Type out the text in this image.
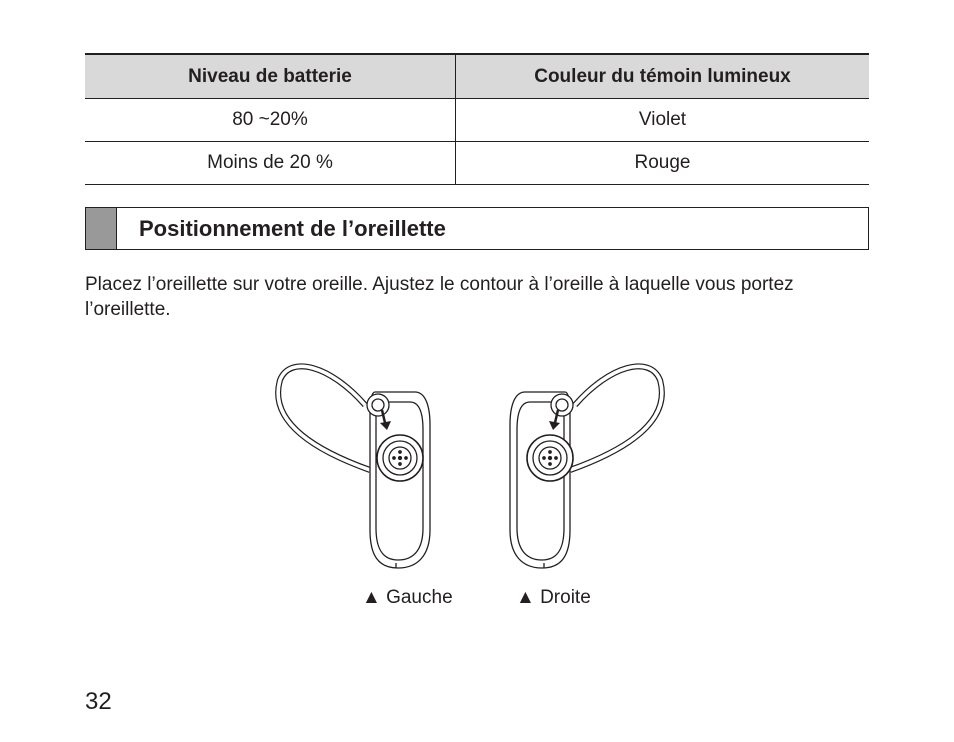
Niveau de batterie	Couleur du témoin lumineux
80 ~20%	Violet
Moins de 20 %	Rouge
Positionnement de l’oreillette

Placez l’oreillette sur votre oreille. Ajustez le contour à l’oreille à laquelle vous portez l’oreillette.

▲ Gauche	▲ Droite
32
